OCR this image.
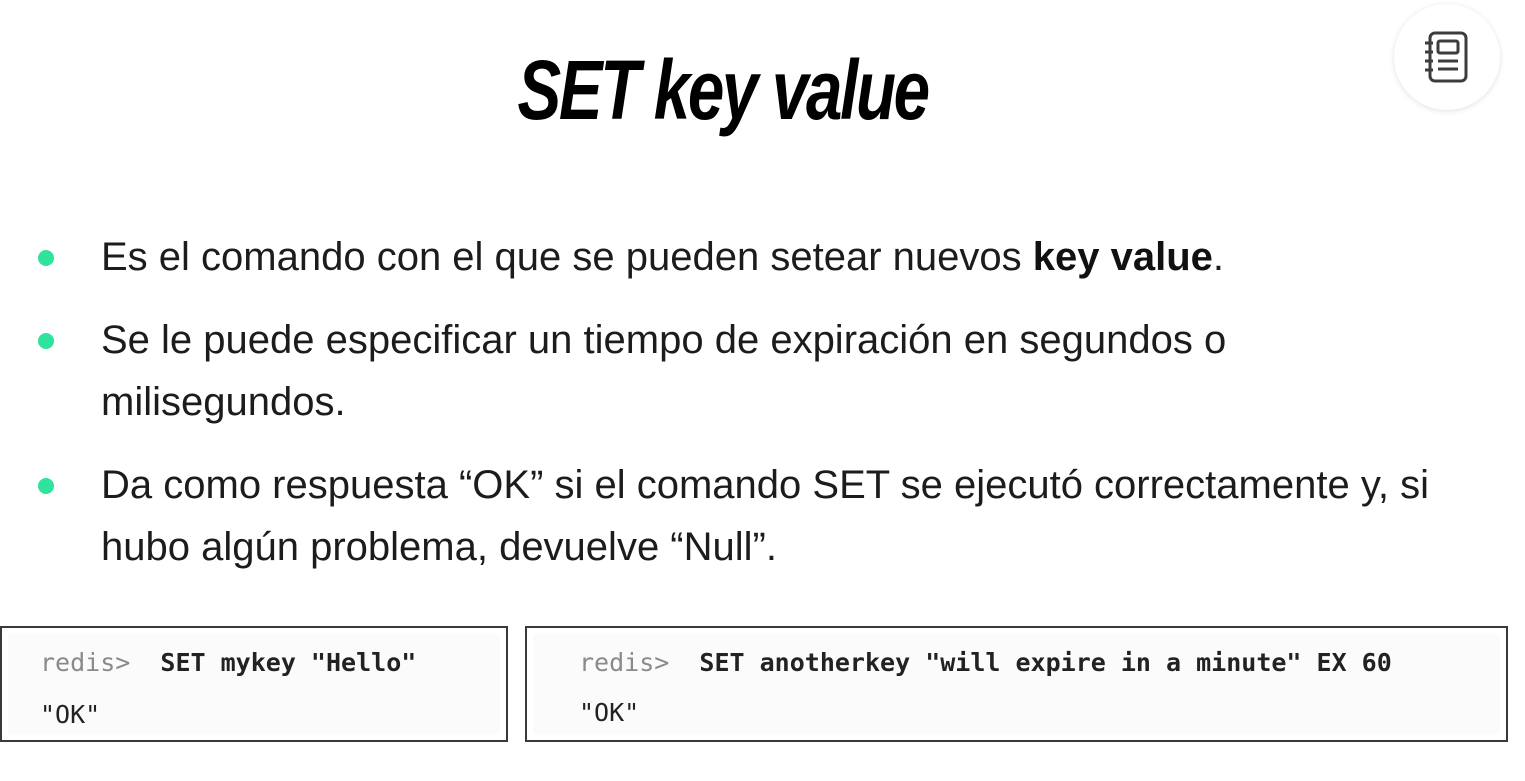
SET key value
Es el comando con el que se pueden setear nuevos key value.
Se le puede especificar un tiempo de expiración en segundos o milisegundos.
Da como respuesta “OK” si el comando SET se ejecutó correctamente y, si hubo algún problema, devuelve “Null”.
redis> SET mykey "Hello"
"OK"
redis> SET anotherkey "will expire in a minute" EX 60
"OK"
